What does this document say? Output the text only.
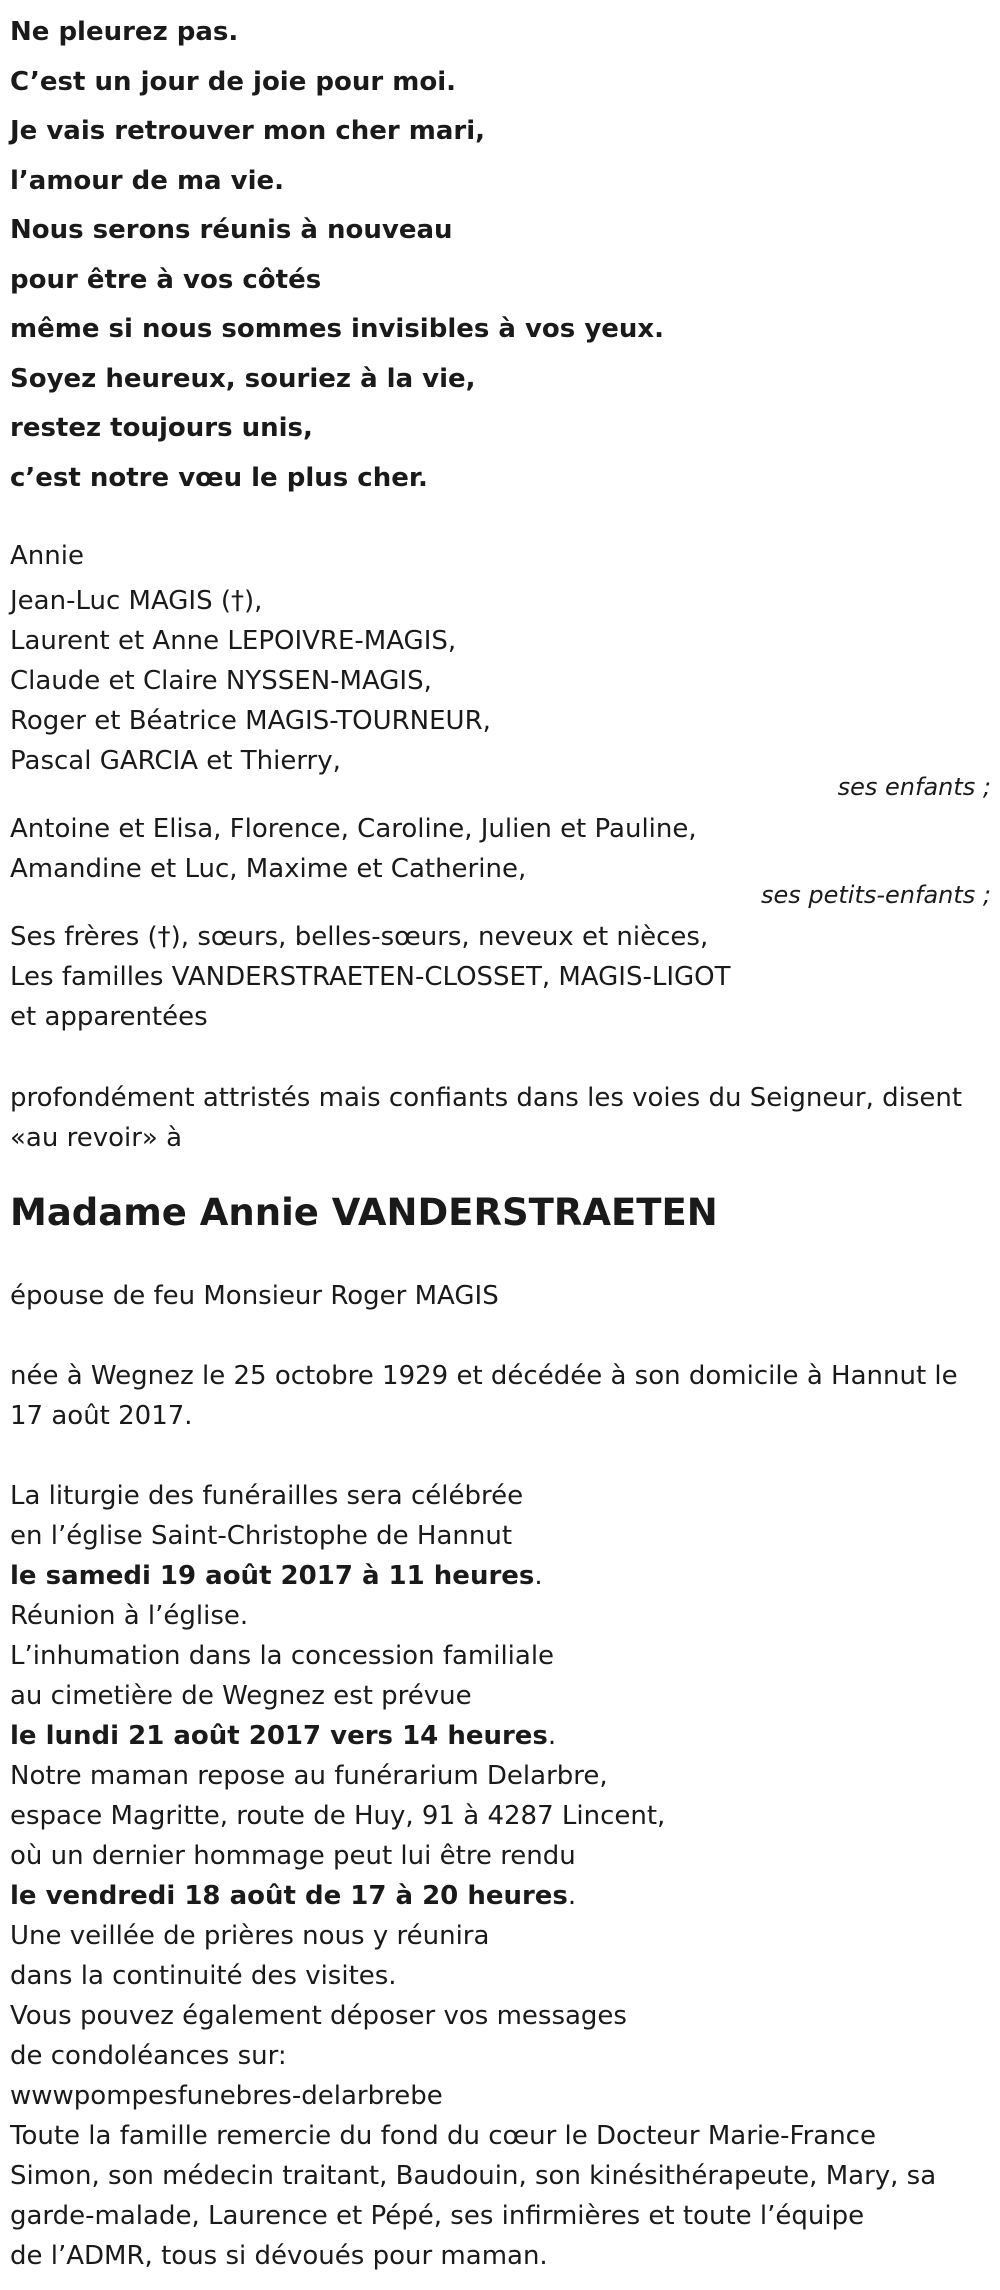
Ne pleurez pas.
C’est un jour de joie pour moi.
Je vais retrouver mon cher mari,
l’amour de ma vie.
Nous serons réunis à nouveau
pour être à vos côtés
même si nous sommes invisibles à vos yeux.
Soyez heureux, souriez à la vie,
restez toujours unis,
c’est notre vœu le plus cher.
Annie
Jean-Luc MAGIS (†),
Laurent et Anne LEPOIVRE-MAGIS,
Claude et Claire NYSSEN-MAGIS,
Roger et Béatrice MAGIS-TOURNEUR,
Pascal GARCIA et Thierry,
ses enfants ;
Antoine et Elisa, Florence, Caroline, Julien et Pauline,
Amandine et Luc, Maxime et Catherine,
ses petits-enfants ;
Ses frères (†), sœurs, belles-sœurs, neveux et nièces,
Les familles VANDERSTRAETEN-CLOSSET, MAGIS-LIGOT
et apparentées
profondément attristés mais confiants dans les voies du Seigneur, disent
«au revoir» à
Madame Annie VANDERSTRAETEN
épouse de feu Monsieur Roger MAGIS
née à Wegnez le 25 octobre 1929 et décédée à son domicile à Hannut le
17 août 2017.
La liturgie des funérailles sera célébrée
en l’église Saint-Christophe de Hannut
le samedi 19 août 2017 à 11 heures.
Réunion à l’église.
L’inhumation dans la concession familiale
au cimetière de Wegnez est prévue
le lundi 21 août 2017 vers 14 heures.
Notre maman repose au funérarium Delarbre,
espace Magritte, route de Huy, 91 à 4287 Lincent,
où un dernier hommage peut lui être rendu
le vendredi 18 août de 17 à 20 heures.
Une veillée de prières nous y réunira
dans la continuité des visites.
Vous pouvez également déposer vos messages
de condoléances sur:
wwwpompesfunebres-delarbrebe
Toute la famille remercie du fond du cœur le Docteur Marie-France
Simon, son médecin traitant, Baudouin, son kinésithérapeute, Mary, sa
garde-malade, Laurence et Pépé, ses infirmières et toute l’équipe
de l’ADMR, tous si dévoués pour maman.
